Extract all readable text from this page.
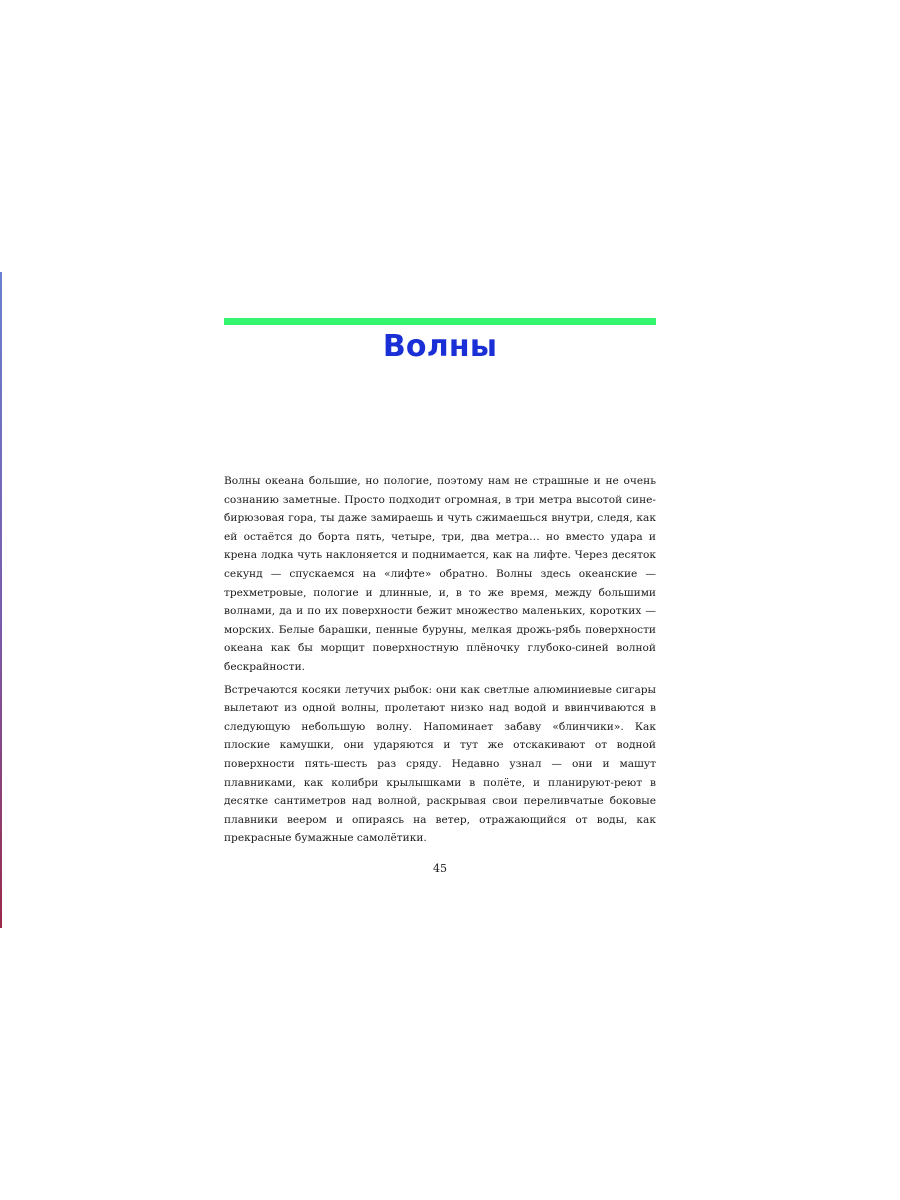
Волны

Волны океана большие, но пологие, поэтому нам не страшные и не очень сознанию заметные. Просто подходит огромная, в три метра высотой сине-бирюзовая гора, ты даже замираешь и чуть сжимаешься внутри, следя, как ей остаётся до борта пять, четыре, три, два метра… но вместо удара и крена лодка чуть наклоняется и поднимается, как на лифте. Через десяток секунд — спускаемся на «лифте» обратно. Волны здесь океанские — трехметровые, пологие и длинные, и, в то же время, между большими волнами, да и по их поверхности бежит множество маленьких, коротких — морских. Белые барашки, пенные буруны, мелкая дрожь-рябь поверхности океана как бы морщит поверхностную плёночку глубоко-синей волной бескрайности.

Встречаются косяки летучих рыбок: они как светлые алюминиевые сигары вылетают из одной волны, пролетают низко над водой и ввинчиваются в следующую небольшую волну. Напоминает забаву «блинчики». Как плоские камушки, они ударяются и тут же отскакивают от водной поверхности пять-шесть раз сряду. Недавно узнал — они и машут плавниками, как колибри крылышками в полёте, и планируют-реют в десятке сантиметров над волной, раскрывая свои переливчатые боковые плавники веером и опираясь на ветер, отражающийся от воды, как прекрасные бумажные самолётики.

45
